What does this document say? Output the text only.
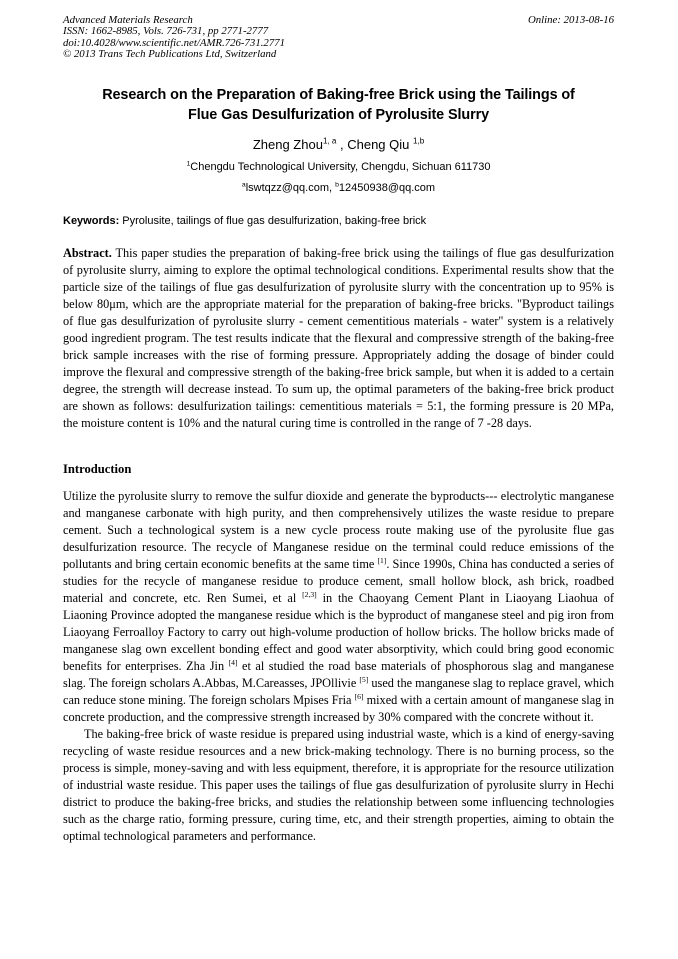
Advanced Materials Research
ISSN: 1662-8985, Vols. 726-731, pp 2771-2777
doi:10.4028/www.scientific.net/AMR.726-731.2771
© 2013 Trans Tech Publications Ltd, Switzerland
Online: 2013-08-16
Research on the Preparation of Baking-free Brick using the Tailings of
Flue Gas Desulfurization of Pyrolusite Slurry
Zheng Zhou$^{1, a}$ , Cheng Qiu $^{1,b}$
$^1$Chengdu Technological University, Chengdu, Sichuan 611730
$^a$lswtqzz@qq.com, $^b$12450938@qq.com
Keywords: Pyrolusite, tailings of flue gas desulfurization, baking-free brick

Abstract. This paper studies the preparation of baking-free brick using the tailings of flue gas desulfurization of pyrolusite slurry, aiming to explore the optimal technological conditions. Experimental results show that the particle size of the tailings of flue gas desulfurization of pyrolusite slurry with the concentration up to 95% is below 80μm, which are the appropriate material for the preparation of baking-free bricks. "Byproduct tailings of flue gas desulfurization of pyrolusite slurry - cement cementitious materials - water" system is a relatively good ingredient program. The test results indicate that the flexural and compressive strength of the baking-free brick sample increases with the rise of forming pressure. Appropriately adding the dosage of binder could improve the flexural and compressive strength of the baking-free brick sample, but when it is added to a certain degree, the strength will decrease instead. To sum up, the optimal parameters of the baking-free brick product are shown as follows: desulfurization tailings: cementitious materials = 5:1, the forming pressure is 20 MPa, the moisture content is 10% and the natural curing time is controlled in the range of 7 -28 days.

Introduction

Utilize the pyrolusite slurry to remove the sulfur dioxide and generate the byproducts--- electrolytic manganese and manganese carbonate with high purity, and then comprehensively utilizes the waste residue to prepare cement. Such a technological system is a new cycle process route making use of the pyrolusite flue gas desulfurization resource. The recycle of Manganese residue on the terminal could reduce emissions of the pollutants and bring certain economic benefits at the same time [1]. Since 1990s, China has conducted a series of studies for the recycle of manganese residue to produce cement, small hollow block, ash brick, roadbed material and concrete, etc. Ren Sumei, et al [2,3] in the Chaoyang Cement Plant in Liaoyang Liaohua of Liaoning Province adopted the manganese residue which is the byproduct of manganese steel and pig iron from Liaoyang Ferroalloy Factory to carry out high-volume production of hollow bricks. The hollow bricks made of manganese slag own excellent bonding effect and good water absorptivity, which could bring good economic benefits for enterprises. Zha Jin [4] et al studied the road base materials of phosphorous slag and manganese slag. The foreign scholars A.Abbas, M.Careasses, JPOllivie [5] used the manganese slag to replace gravel, which can reduce stone mining. The foreign scholars Mpises Fria [6] mixed with a certain amount of manganese slag in concrete production, and the compressive strength increased by 30% compared with the concrete without it.

The baking-free brick of waste residue is prepared using industrial waste, which is a kind of energy-saving recycling of waste residue resources and a new brick-making technology. There is no burning process, so the process is simple, money-saving and with less equipment, therefore, it is appropriate for the resource utilization of industrial waste residue. This paper uses the tailings of flue gas desulfurization of pyrolusite slurry in Hechi district to produce the baking-free bricks, and studies the relationship between some influencing technologies such as the charge ratio, forming pressure, curing time, etc, and their strength properties, aiming to obtain the optimal technological parameters and performance.
